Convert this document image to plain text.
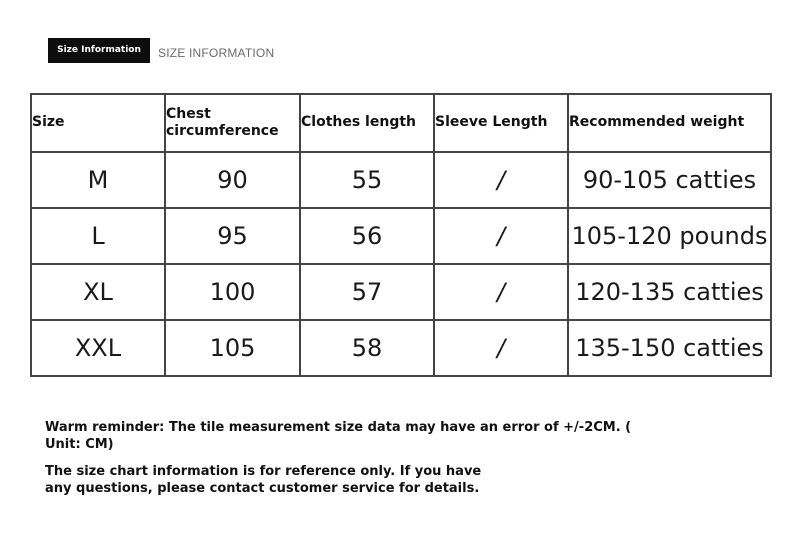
Size Information	SIZE INFORMATION
Size	Chest circumference	Clothes length	Sleeve Length	Recommended weight
M	90	55	/	90-105 catties
L	95	56	/	105-120 pounds
XL	100	57	/	120-135 catties
XXL	105	58	/	135-150 catties
Warm reminder: The tile measurement size data may have an error of +/-2CM. ( Unit: CM)
The size chart information is for reference only. If you have any questions, please contact customer service for details.
